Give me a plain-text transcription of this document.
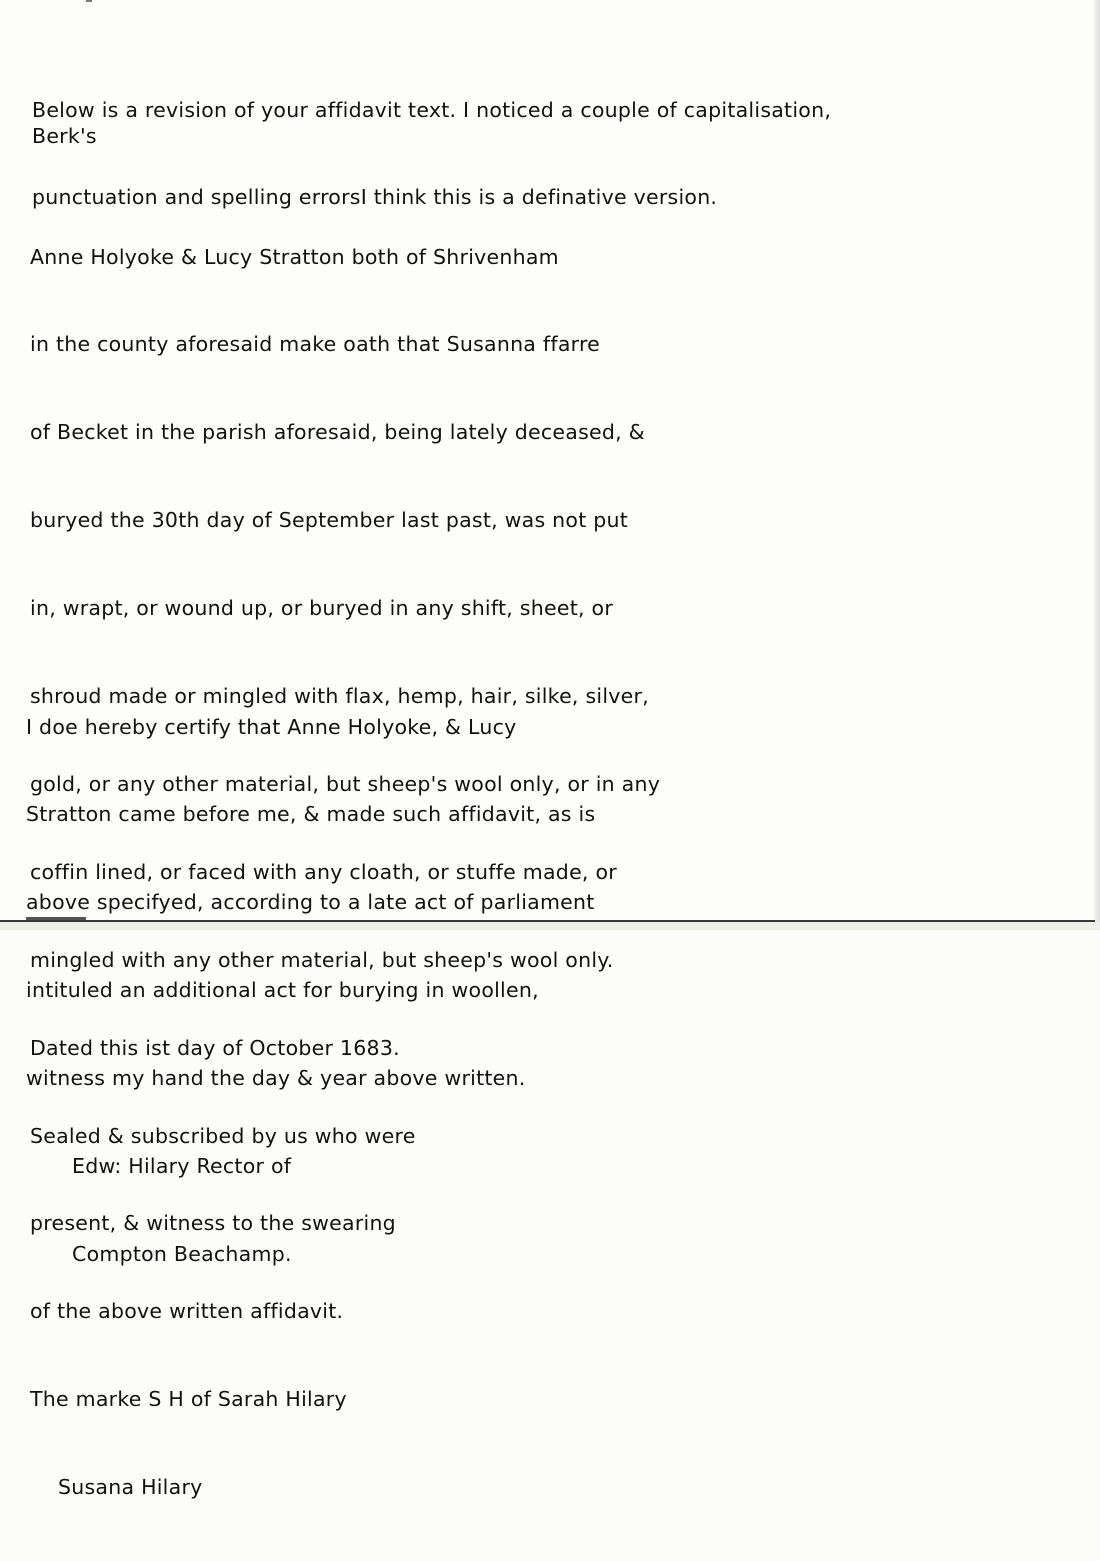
Below is a revision of your affidavit text. I noticed a couple of capitalisation,

punctuation and spelling errorsI think this is a definative version.

Berk's

Anne Holyoke & Lucy Stratton both of Shrivenham

in the county aforesaid make oath that Susanna ffarre

of Becket in the parish aforesaid, being lately deceased, &

buryed the 30th day of September last past, was not put

in, wrapt, or wound up, or buryed in any shift, sheet, or

shroud made or mingled with flax, hemp, hair, silke, silver,

gold, or any other material, but sheep's wool only, or in any

coffin lined, or faced with any cloath, or stuffe made, or

mingled with any other material, but sheep's wool only.

Dated this ist day of October 1683.

Sealed & subscribed by us who were

present, & witness to the swearing

of the above written affidavit.

The marke S H of Sarah Hilary

Susana Hilary

I doe hereby certify that Anne Holyoke, & Lucy

Stratton came before me, & made such affidavit, as is

above specifyed, according to a late act of parliament

intituled an additional act for burying in woollen,

witness my hand the day & year above written.

Edw: Hilary Rector of

Compton Beachamp.
